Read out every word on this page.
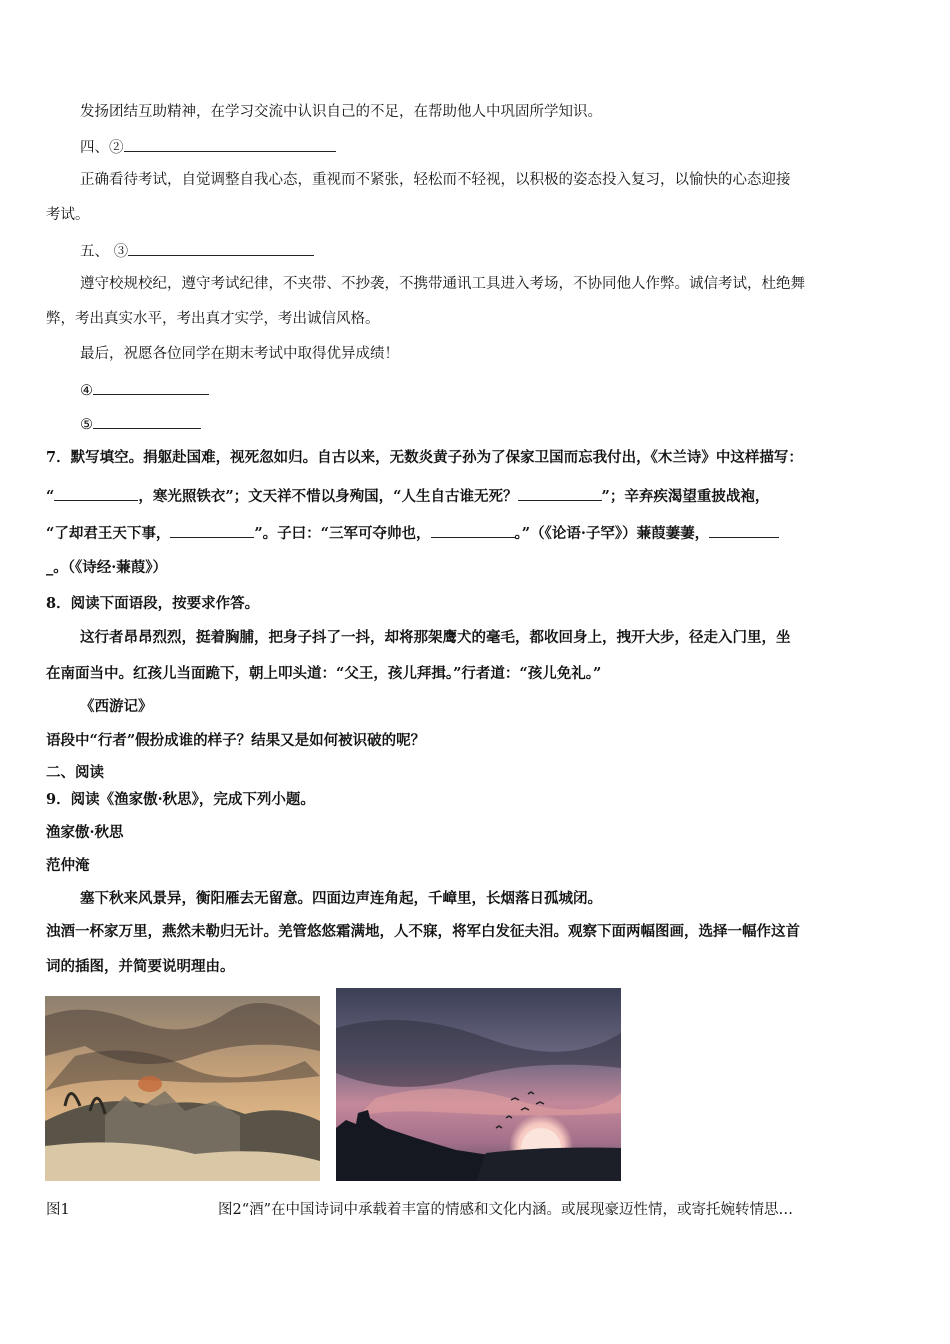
发扬团结互助精神，在学习交流中认识自己的不足，在帮助他人中巩固所学知识。
四、②
正确看待考试，自觉调整自我心态，重视而不紧张，轻松而不轻视，以积极的姿态投入复习，以愉快的心态迎接
考试。
五、 ③
遵守校规校纪，遵守考试纪律，不夹带、不抄袭，不携带通讯工具进入考场，不协同他人作弊。诚信考试，杜绝舞
弊，考出真实水平，考出真才实学，考出诚信风格。
最后，祝愿各位同学在期末考试中取得优异成绩！
④
⑤
7．默写填空。捐躯赴国难，视死忽如归。自古以来，无数炎黄子孙为了保家卫国而忘我付出，《木兰诗》中这样描写：
“	，寒光照铁衣”；文天祥不惜以身殉国，“人生自古谁无死？	”；辛弃疾渴望重披战袍，
“了却君王天下事，	”。子曰：“三军可夺帅也，	。”（《论语·子罕》）蒹葭萋萋，
_。（《诗经·蒹葭》）
8．阅读下面语段，按要求作答。
这行者昂昂烈烈，挺着胸脯，把身子抖了一抖，却将那架鹰犬的毫毛，都收回身上，拽开大步，径走入门里，坐
在南面当中。红孩儿当面跪下，朝上叩头道：“父王，孩儿拜揖。”行者道：“孩儿免礼。”
《西游记》
语段中“行者”假扮成谁的样子？结果又是如何被识破的呢？
二、阅读
9．阅读《渔家傲·秋思》，完成下列小题。
渔家傲·秋思
范仲淹
塞下秋来风景异，衡阳雁去无留意。四面边声连角起，千嶂里，长烟落日孤城闭。
浊酒一杯家万里，燕然未勒归无计。羌管悠悠霜满地，人不寐，将军白发征夫泪。观察下面两幅图画，选择一幅作这首
词的插图，并简要说明理由。
图1	图2“酒”在中国诗词中承载着丰富的情感和文化内涵。或展现豪迈性情，或寄托婉转情思…
